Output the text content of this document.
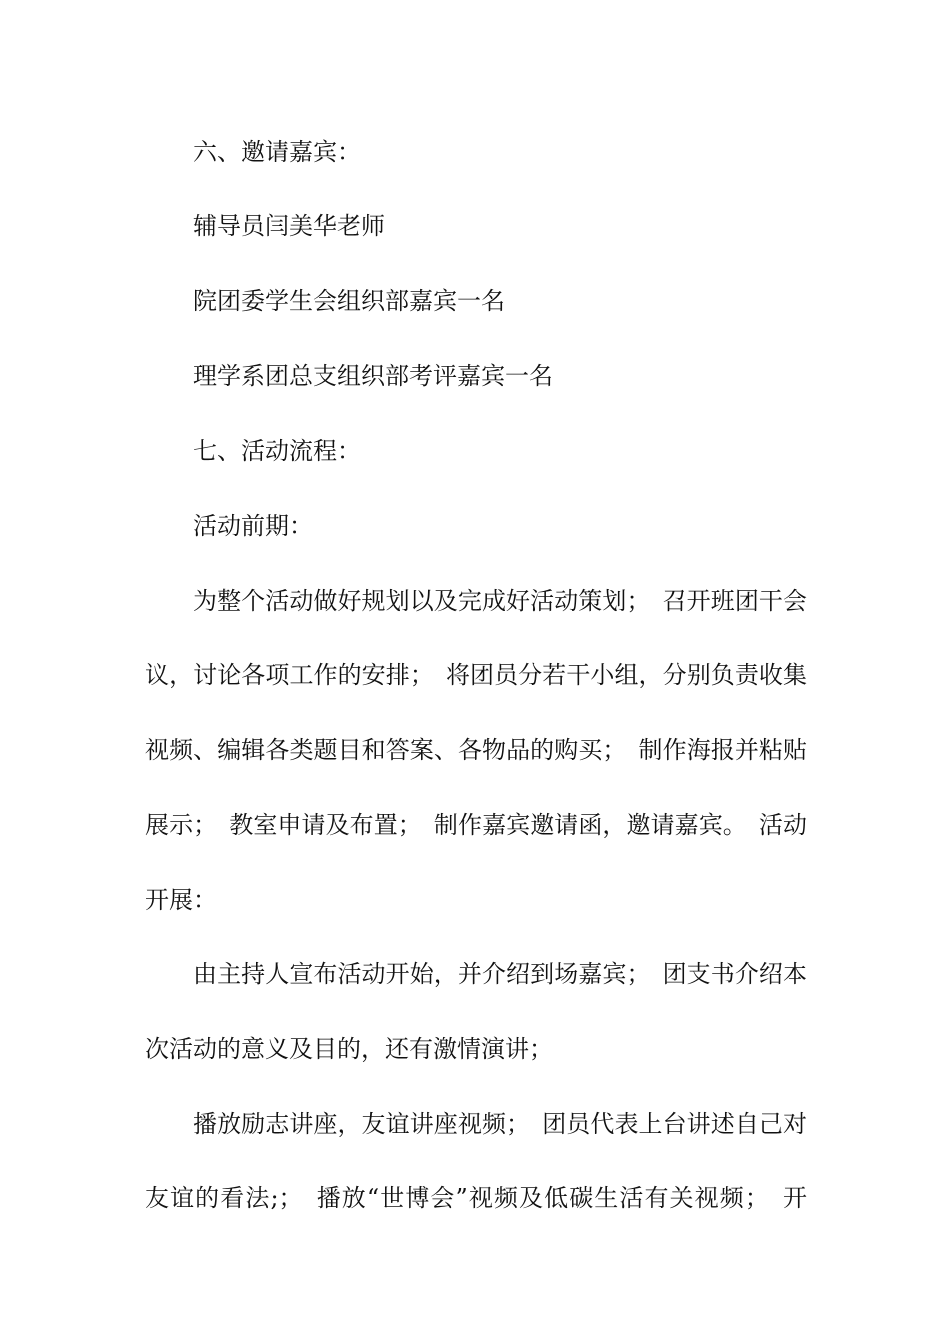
六、邀请嘉宾：
辅导员闫美华老师
院团委学生会组织部嘉宾一名
理学系团总支组织部考评嘉宾一名
七、活动流程：
活动前期：
为整个活动做好规划以及完成好活动策划；　召开班团干会
议，讨论各项工作的安排；　将团员分若干小组，分别负责收集
视频、编辑各类题目和答案、各物品的购买；　制作海报并粘贴
展示；　教室申请及布置；　制作嘉宾邀请函，邀请嘉宾。　活动
开展：
由主持人宣布活动开始，并介绍到场嘉宾；　团支书介绍本
次活动的意义及目的，还有激情演讲；
播放励志讲座，友谊讲座视频；　团员代表上台讲述自己对
友谊的看法;；　播放“世博会”视频及低碳生活有关视频；　开
